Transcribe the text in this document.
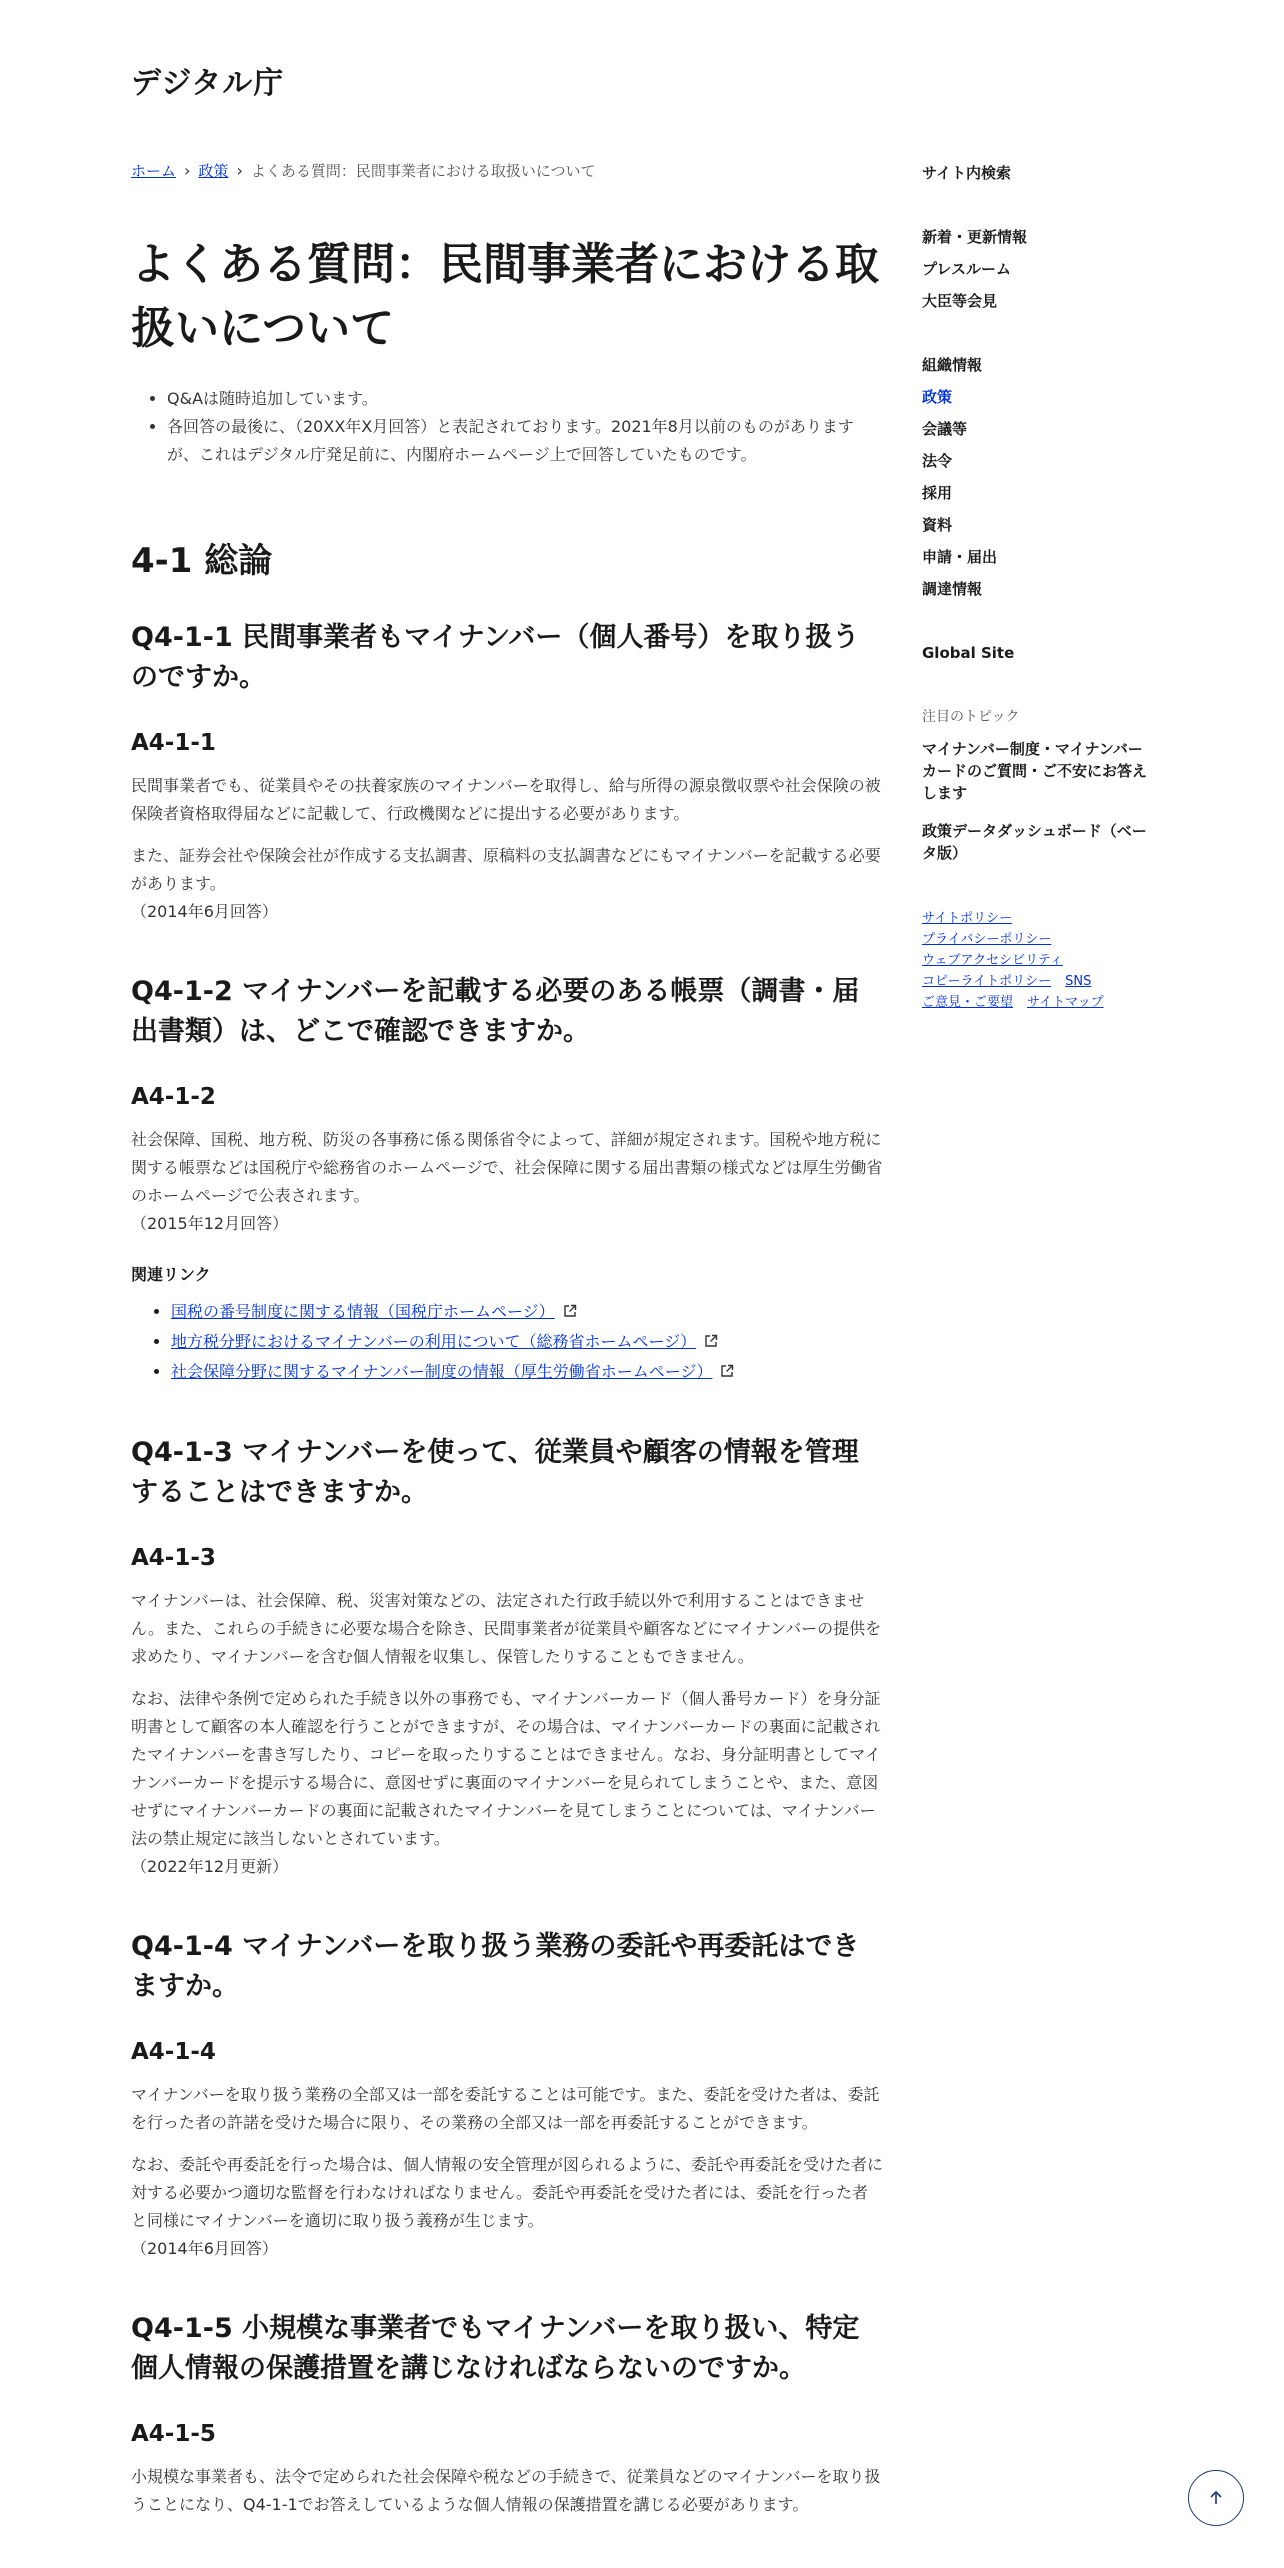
デジタル庁
ホーム › 政策 › よくある質問：民間事業者における取扱いについて
よくある質問：民間事業者における取扱いについて
• Q&Aは随時追加しています。
• 各回答の最後に、（20XX年X月回答）と表記されております。2021年8月以前のものがありますが、これはデジタル庁発足前に、内閣府ホームページ上で回答していたものです。
4-1 総論
Q4-1-1 民間事業者もマイナンバー（個人番号）を取り扱うのですか。
A4-1-1

民間事業者でも、従業員やその扶養家族のマイナンバーを取得し、給与所得の源泉徴収票や社会保険の被保険者資格取得届などに記載して、行政機関などに提出する必要があります。

また、証券会社や保険会社が作成する支払調書、原稿料の支払調書などにもマイナンバーを記載する必要があります。

（2014年6月回答）

Q4-1-2 マイナンバーを記載する必要のある帳票（調書・届出書類）は、どこで確認できますか。
A4-1-2

社会保障、国税、地方税、防災の各事務に係る関係省令によって、詳細が規定されます。国税や地方税に関する帳票などは国税庁や総務省のホームページで、社会保障に関する届出書類の様式などは厚生労働省のホームページで公表されます。

（2015年12月回答）

関連リンク
• 国税の番号制度に関する情報（国税庁ホームページ）
• 地方税分野におけるマイナンバーの利用について（総務省ホームページ）
• 社会保障分野に関するマイナンバー制度の情報（厚生労働省ホームページ）
Q4-1-3 マイナンバーを使って、従業員や顧客の情報を管理することはできますか。
A4-1-3

マイナンバーは、社会保障、税、災害対策などの、法定された行政手続以外で利用することはできません。また、これらの手続きに必要な場合を除き、民間事業者が従業員や顧客などにマイナンバーの提供を求めたり、マイナンバーを含む個人情報を収集し、保管したりすることもできません。

なお、法律や条例で定められた手続き以外の事務でも、マイナンバーカード（個人番号カード）を身分証明書として顧客の本人確認を行うことができますが、その場合は、マイナンバーカードの裏面に記載されたマイナンバーを書き写したり、コピーを取ったりすることはできません。なお、身分証明書としてマイナンバーカードを提示する場合に、意図せずに裏面のマイナンバーを見られてしまうことや、また、意図せずにマイナンバーカードの裏面に記載されたマイナンバーを見てしまうことについては、マイナンバー法の禁止規定に該当しないとされています。

（2022年12月更新）

Q4-1-4 マイナンバーを取り扱う業務の委託や再委託はできますか。
A4-1-4

マイナンバーを取り扱う業務の全部又は一部を委託することは可能です。また、委託を受けた者は、委託を行った者の許諾を受けた場合に限り、その業務の全部又は一部を再委託することができます。

なお、委託や再委託を行った場合は、個人情報の安全管理が図られるように、委託や再委託を受けた者に対する必要かつ適切な監督を行わなければなりません。委託や再委託を受けた者には、委託を行った者と同様にマイナンバーを適切に取り扱う義務が生じます。

（2014年6月回答）

Q4-1-5 小規模な事業者でもマイナンバーを取り扱い、特定個人情報の保護措置を講じなければならないのですか。
A4-1-5

小規模な事業者も、法令で定められた社会保障や税などの手続きで、従業員などのマイナンバーを取り扱うことになり、Q4-1-1でお答えしているような個人情報の保護措置を講じる必要があります。

サイト内検索
新着・更新情報
プレスルーム
大臣等会見
組織情報
政策
会議等
法令
採用
資料
申請・届出
調達情報
Global Site
注目のトピック
マイナンバー制度・マイナンバーカードのご質問・ご不安にお答えします
政策データダッシュボード（ベータ版）
サイトポリシー
プライバシーポリシー
ウェブアクセシビリティ
コピーライトポリシー SNS
ご意見・ご要望 サイトマップ
